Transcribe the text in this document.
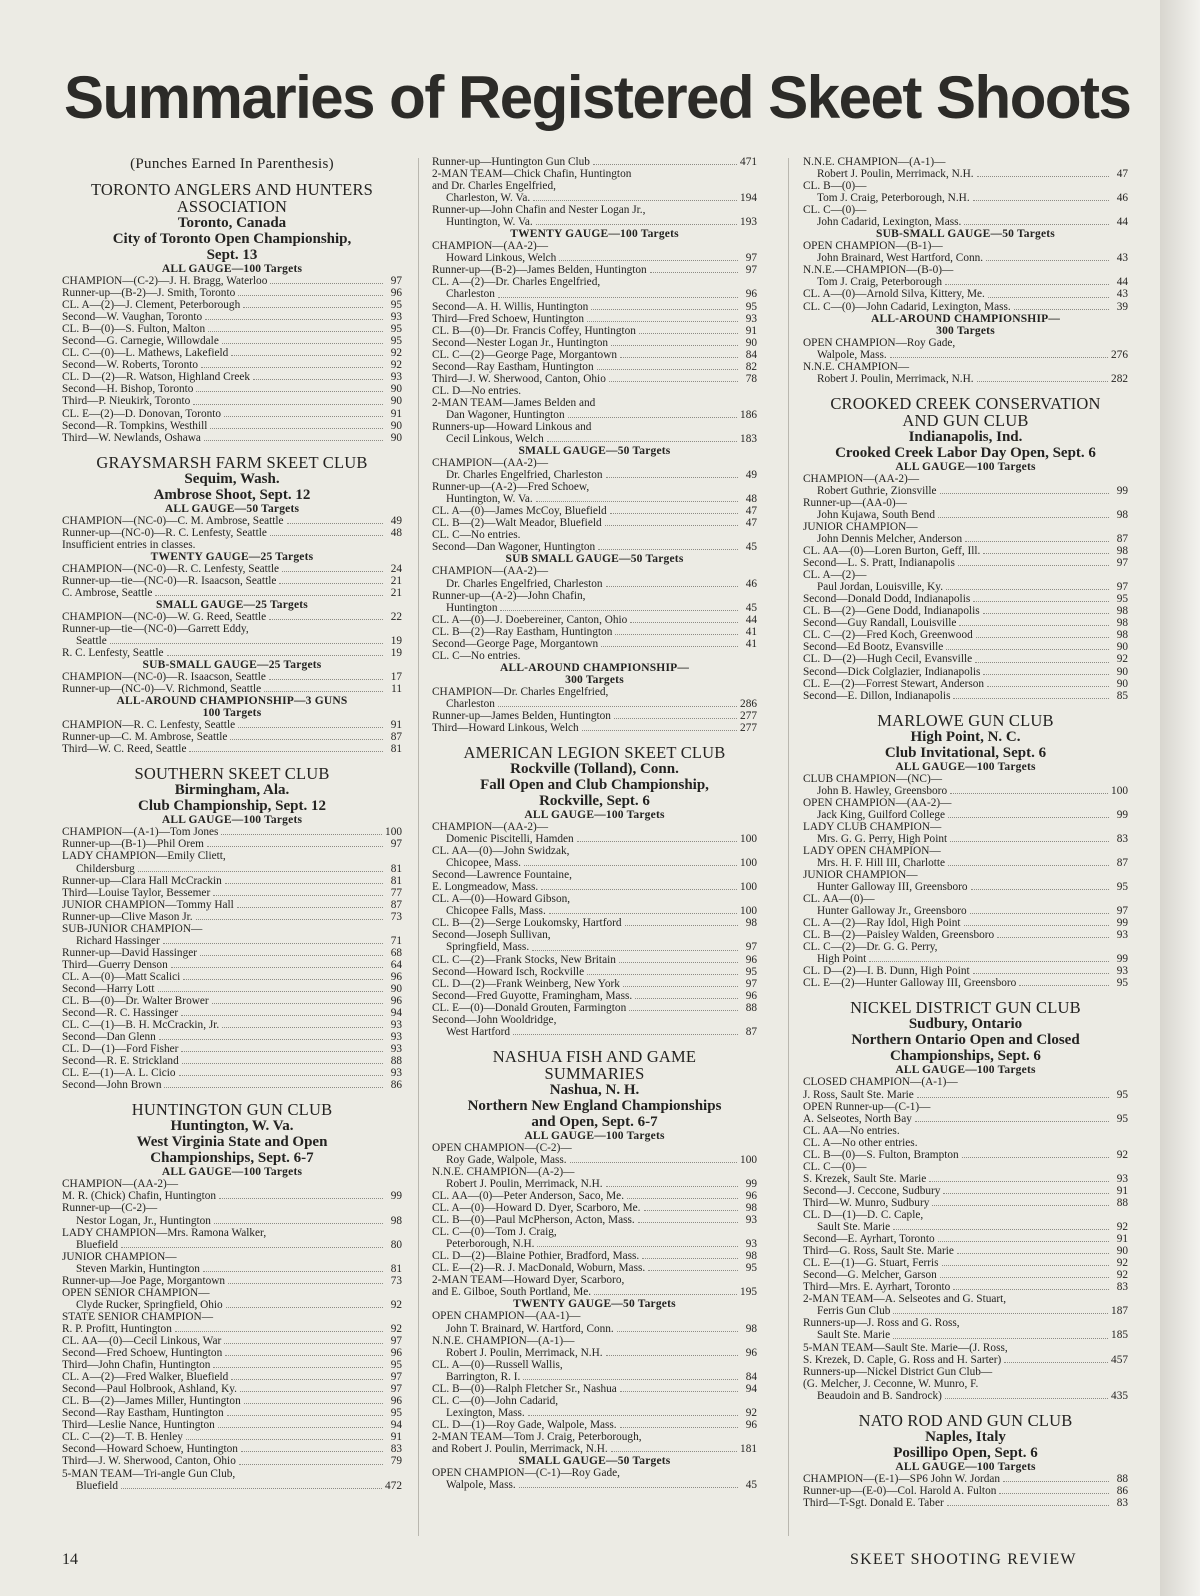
Summaries of Registered Skeet Shoots
(Punches Earned In Parenthesis)
TORONTO ANGLERS AND HUNTERS ASSOCIATION
Toronto, Canada
City of Toronto Open Championship,
Sept. 13
ALL GAUGE—100 Targets
CHAMPION—(C-2)—J. H. Bragg, Waterloo	97
Runner-up—(B-2)—J. Smith, Toronto	96
CL. A—(2)—J. Clement, Peterborough	95
Second—W. Vaughan, Toronto	93
CL. B—(0)—S. Fulton, Malton	95
Second—G. Carnegie, Willowdale	95
CL. C—(0)—L. Mathews, Lakefield	92
Second—W. Roberts, Toronto	92
CL. D—(2)—R. Watson, Highland Creek	93
Second—H. Bishop, Toronto	90
Third—P. Nieukirk, Toronto	90
CL. E—(2)—D. Donovan, Toronto	91
Second—R. Tompkins, Westhill	90
Third—W. Newlands, Oshawa	90
GRAYSMARSH FARM SKEET CLUB
Sequim, Wash.
Ambrose Shoot, Sept. 12
ALL GAUGE—50 Targets
CHAMPION—(NC-0)—C. M. Ambrose, Seattle	49
Runner-up—(NC-0)—R. C. Lenfesty, Seattle	48
Insufficient entries in classes.
TWENTY GAUGE—25 Targets
CHAMPION—(NC-0)—R. C. Lenfesty, Seattle	24
Runner-up—tie—(NC-0)—R. Isaacson, Seattle	21
C. Ambrose, Seattle	21
SMALL GAUGE—25 Targets
CHAMPION—(NC-0)—W. G. Reed, Seattle	22
Runner-up—tie—(NC-0)—Garrett Eddy,
Seattle	19
R. C. Lenfesty, Seattle	19
SUB-SMALL GAUGE—25 Targets
CHAMPION—(NC-0)—R. Isaacson, Seattle	17
Runner-up—(NC-0)—V. Richmond, Seattle	11
ALL-AROUND CHAMPIONSHIP—3 GUNS
100 Targets
CHAMPION—R. C. Lenfesty, Seattle	91
Runner-up—C. M. Ambrose, Seattle	87
Third—W. C. Reed, Seattle	81
SOUTHERN SKEET CLUB
Birmingham, Ala.
Club Championship, Sept. 12
ALL GAUGE—100 Targets
CHAMPION—(A-1)—Tom Jones	100
Runner-up—(B-1)—Phil Orem	97
LADY CHAMPION—Emily Cliett,
Childersburg	81
Runner-up—Clara Hall McCrackin	81
Third—Louise Taylor, Bessemer	77
JUNIOR CHAMPION—Tommy Hall	87
Runner-up—Clive Mason Jr.	73
SUB-JUNIOR CHAMPION—
Richard Hassinger	71
Runner-up—David Hassinger	68
Third—Guerry Denson	64
CL. A—(0)—Matt Scalici	96
Second—Harry Lott	90
CL. B—(0)—Dr. Walter Brower	96
Second—R. C. Hassinger	94
CL. C—(1)—B. H. McCrackin, Jr.	93
Second—Dan Glenn	93
CL. D—(1)—Ford Fisher	93
Second—R. E. Strickland	88
CL. E—(1)—A. L. Cicio	93
Second—John Brown	86
HUNTINGTON GUN CLUB
Huntington, W. Va.
West Virginia State and Open
Championships, Sept. 6-7
ALL GAUGE—100 Targets
CHAMPION—(AA-2)—
M. R. (Chick) Chafin, Huntington	99
Runner-up—(C-2)—
Nestor Logan, Jr., Huntington	98
LADY CHAMPION—Mrs. Ramona Walker,
Bluefield	80
JUNIOR CHAMPION—
Steven Markin, Huntington	81
Runner-up—Joe Page, Morgantown	73
OPEN SENIOR CHAMPION—
Clyde Rucker, Springfield, Ohio	92
STATE SENIOR CHAMPION—
R. P. Profitt, Huntington	92
CL. AA—(0)—Cecil Linkous, War	97
Second—Fred Schoew, Huntington	96
Third—John Chafin, Huntington	95
CL. A—(2)—Fred Walker, Bluefield	97
Second—Paul Holbrook, Ashland, Ky.	97
CL. B—(2)—James Miller, Huntington	96
Second—Ray Eastham, Huntington	95
Third—Leslie Nance, Huntington	94
CL. C—(2)—T. B. Henley	91
Second—Howard Schoew, Huntington	83
Third—J. W. Sherwood, Canton, Ohio	79
5-MAN TEAM—Tri-angle Gun Club,
Bluefield	472
Runner-up—Huntington Gun Club	471
2-MAN TEAM—Chick Chafin, Huntington
and Dr. Charles Engelfried,
Charleston, W. Va.	194
Runner-up—John Chafin and Nester Logan Jr.,
Huntington, W. Va.	193
TWENTY GAUGE—100 Targets
CHAMPION—(AA-2)—
Howard Linkous, Welch	97
Runner-up—(B-2)—James Belden, Huntington	97
CL. A—(2)—Dr. Charles Engelfried,
Charleston	96
Second—A. H. Willis, Huntington	95
Third—Fred Schoew, Huntington	93
CL. B—(0)—Dr. Francis Coffey, Huntington	91
Second—Nester Logan Jr., Huntington	90
CL. C—(2)—George Page, Morgantown	84
Second—Ray Eastham, Huntington	82
Third—J. W. Sherwood, Canton, Ohio	78
CL. D—No entries.
2-MAN TEAM—James Belden and
Dan Wagoner, Huntington	186
Runners-up—Howard Linkous and
Cecil Linkous, Welch	183
SMALL GAUGE—50 Targets
CHAMPION—(AA-2)—
Dr. Charles Engelfried, Charleston	49
Runner-up—(A-2)—Fred Schoew,
Huntington, W. Va.	48
CL. A—(0)—James McCoy, Bluefield	47
CL. B—(2)—Walt Meador, Bluefield	47
CL. C—No entries.
Second—Dan Wagoner, Huntington	45
SUB SMALL GAUGE—50 Targets
CHAMPION—(AA-2)—
Dr. Charles Engelfried, Charleston	46
Runner-up—(A-2)—John Chafin,
Huntington	45
CL. A—(0)—J. Doebereiner, Canton, Ohio	44
CL. B—(2)—Ray Eastham, Huntington	41
Second—George Page, Morgantown	41
CL. C—No entries.
ALL-AROUND CHAMPIONSHIP—
300 Targets
CHAMPION—Dr. Charles Engelfried,
Charleston	286
Runner-up—James Belden, Huntington	277
Third—Howard Linkous, Welch	277
AMERICAN LEGION SKEET CLUB
Rockville (Tolland), Conn.
Fall Open and Club Championship,
Rockville, Sept. 6
ALL GAUGE—100 Targets
CHAMPION—(AA-2)—
Domenic Piscitelli, Hamden	100
CL. AA—(0)—John Swidzak,
Chicopee, Mass.	100
Second—Lawrence Fountaine,
E. Longmeadow, Mass.	100
CL. A—(0)—Howard Gibson,
Chicopee Falls, Mass.	100
CL. B—(2)—Serge Loukomsky, Hartford	98
Second—Joseph Sullivan,
Springfield, Mass.	97
CL. C—(2)—Frank Stocks, New Britain	96
Second—Howard Isch, Rockville	95
CL. D—(2)—Frank Weinberg, New York	97
Second—Fred Guyotte, Framingham, Mass.	96
CL. E—(0)—Donald Grouten, Farmington	88
Second—John Wooldridge,
West Hartford	87
NASHUA FISH AND GAME
SUMMARIES
Nashua, N. H.
Northern New England Championships
and Open, Sept. 6-7
ALL GAUGE—100 Targets
OPEN CHAMPION—(C-2)—
Roy Gade, Walpole, Mass.	100
N.N.E. CHAMPION—(A-2)—
Robert J. Poulin, Merrimack, N.H.	99
CL. AA—(0)—Peter Anderson, Saco, Me.	96
CL. A—(0)—Howard D. Dyer, Scarboro, Me.	98
CL. B—(0)—Paul McPherson, Acton, Mass.	93
CL. C—(0)—Tom J. Craig,
Peterborough, N.H.	93
CL. D—(2)—Blaine Pothier, Bradford, Mass.	98
CL. E—(2)—R. J. MacDonald, Woburn, Mass.	95
2-MAN TEAM—Howard Dyer, Scarboro,
and E. Gilboe, South Portland, Me.	195
TWENTY GAUGE—50 Targets
OPEN CHAMPION—(AA-1)—
John T. Brainard, W. Hartford, Conn.	98
N.N.E. CHAMPION—(A-1)—
Robert J. Poulin, Merrimack, N.H.	96
CL. A—(0)—Russell Wallis,
Barrington, R. I.	84
CL. B—(0)—Ralph Fletcher Sr., Nashua	94
CL. C—(0)—John Cadarid,
Lexington, Mass.	92
CL. D—(1)—Roy Gade, Walpole, Mass.	96
2-MAN TEAM—Tom J. Craig, Peterborough,
and Robert J. Poulin, Merrimack, N.H.	181
SMALL GAUGE—50 Targets
OPEN CHAMPION—(C-1)—Roy Gade,
Walpole, Mass.	45
N.N.E. CHAMPION—(A-1)—
Robert J. Poulin, Merrimack, N.H.	47
CL. B—(0)—
Tom J. Craig, Peterborough, N.H.	46
CL. C—(0)—
John Cadarid, Lexington, Mass.	44
SUB-SMALL GAUGE—50 Targets
OPEN CHAMPION—(B-1)—
John Brainard, West Hartford, Conn.	43
N.N.E.—CHAMPION—(B-0)—
Tom J. Craig, Peterborough	44
CL. A—(0)—Arnold Silva, Kittery, Me.	43
CL. C—(0)—John Cadarid, Lexington, Mass.	39
ALL-AROUND CHAMPIONSHIP—
300 Targets
OPEN CHAMPION—Roy Gade,
Walpole, Mass.	276
N.N.E. CHAMPION—
Robert J. Poulin, Merrimack, N.H.	282
CROOKED CREEK CONSERVATION
AND GUN CLUB
Indianapolis, Ind.
Crooked Creek Labor Day Open, Sept. 6
ALL GAUGE—100 Targets
CHAMPION—(AA-2)—
Robert Guthrie, Zionsville	99
Runner-up—(AA-0)—
John Kujawa, South Bend	98
JUNIOR CHAMPION—
John Dennis Melcher, Anderson	87
CL. AA—(0)—Loren Burton, Geff, Ill.	98
Second—L. S. Pratt, Indianapolis	97
CL. A—(2)—
Paul Jordan, Louisville, Ky.	97
Second—Donald Dodd, Indianapolis	95
CL. B—(2)—Gene Dodd, Indianapolis	98
Second—Guy Randall, Louisville	98
CL. C—(2)—Fred Koch, Greenwood	98
Second—Ed Bootz, Evansville	90
CL. D—(2)—Hugh Cecil, Evansville	92
Second—Dick Colglazier, Indianapolis	90
CL. E—(2)—Forrest Stewart, Anderson	90
Second—E. Dillon, Indianapolis	85
MARLOWE GUN CLUB
High Point, N. C.
Club Invitational, Sept. 6
ALL GAUGE—100 Targets
CLUB CHAMPION—(NC)—
John B. Hawley, Greensboro	100
OPEN CHAMPION—(AA-2)—
Jack King, Guilford College	99
LADY CLUB CHAMPION—
Mrs. G. G. Perry, High Point	83
LADY OPEN CHAMPION—
Mrs. H. F. Hill III, Charlotte	87
JUNIOR CHAMPION—
Hunter Galloway III, Greensboro	95
CL. AA—(0)—
Hunter Galloway Jr., Greensboro	97
CL. A—(2)—Ray Idol, High Point	99
CL. B—(2)—Paisley Walden, Greensboro	93
CL. C—(2)—Dr. G. G. Perry,
High Point	99
CL. D—(2)—I. B. Dunn, High Point	93
CL. E—(2)—Hunter Galloway III, Greensboro	95
NICKEL DISTRICT GUN CLUB
Sudbury, Ontario
Northern Ontario Open and Closed
Championships, Sept. 6
ALL GAUGE—100 Targets
CLOSED CHAMPION—(A-1)—
J. Ross, Sault Ste. Marie	95
OPEN Runner-up—(C-1)—
A. Selseotes, North Bay	95
CL. AA—No entries.
CL. A—No other entries.
CL. B—(0)—S. Fulton, Brampton	92
CL. C—(0)—
S. Krezek, Sault Ste. Marie	93
Second—J. Ceccone, Sudbury	91
Third—W. Munro, Sudbury	88
CL. D—(1)—D. C. Caple,
Sault Ste. Marie	92
Second—E. Ayrhart, Toronto	91
Third—G. Ross, Sault Ste. Marie	90
CL. E—(1)—G. Stuart, Ferris	92
Second—G. Melcher, Garson	92
Third—Mrs. E. Ayrhart, Toronto	83
2-MAN TEAM—A. Selseotes and G. Stuart,
Ferris Gun Club	187
Runners-up—J. Ross and G. Ross,
Sault Ste. Marie	185
5-MAN TEAM—Sault Ste. Marie—(J. Ross,
S. Krezek, D. Caple, G. Ross and H. Sarter)	457
Runners-up—Nickel District Gun Club—
(G. Melcher, J. Ceconne, W. Munro, F.
Beaudoin and B. Sandrock)	435
NATO ROD AND GUN CLUB
Naples, Italy
Posillipo Open, Sept. 6
ALL GAUGE—100 Targets
CHAMPION—(E-1)—SP6 John W. Jordan	88
Runner-up—(E-0)—Col. Harold A. Fulton	86
Third—T-Sgt. Donald E. Taber	83
14	SKEET SHOOTING REVIEW
